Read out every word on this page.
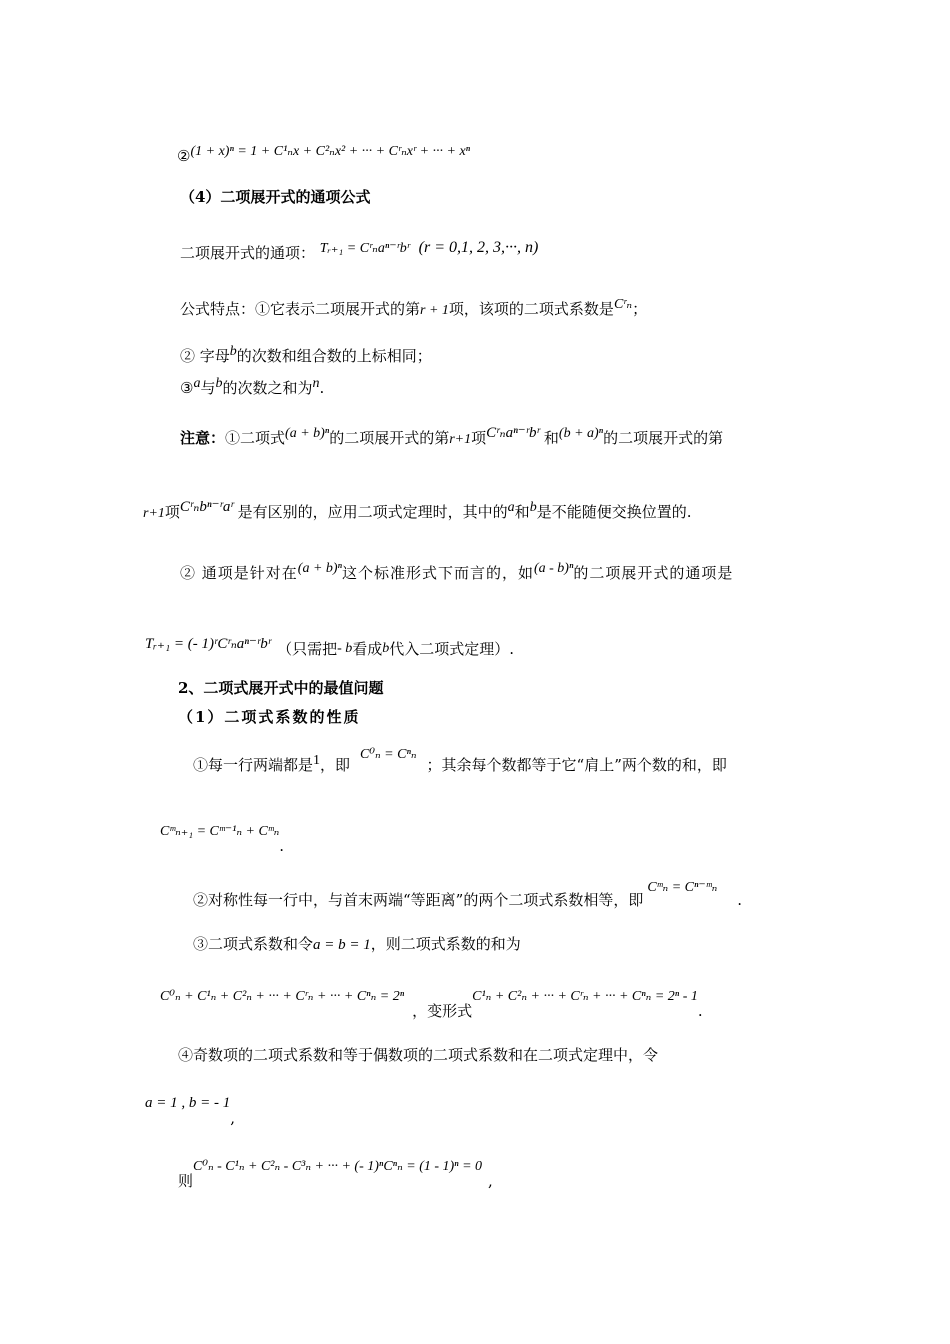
②(1 + x)ⁿ = 1 + C¹ₙx + C²ₙx² + ··· + Cʳₙxʳ + ··· + xⁿ
（4）二项展开式的通项公式
二项展开式的通项： Tᵣ₊₁ = Cʳₙaⁿ⁻ʳbʳ (r = 0,1, 2, 3,···, n)
公式特点：①它表示二项展开式的第r + 1项，该项的二项式系数是Cʳₙ；
② 字母b的次数和组合数的上标相同；
③a与b的次数之和为n.
注意：①二项式(a + b)ⁿ的二项展开式的第r+1项Cʳₙaⁿ⁻ʳbʳ 和(b + a)ⁿ的二项展开式的第
r+1项Cʳₙbⁿ⁻ʳaʳ 是有区别的，应用二项式定理时，其中的a和b是不能随便交换位置的.
② 通项是针对在(a + b)ⁿ这个标准形式下而言的，如(a - b)ⁿ的二项展开式的通项是
Tᵣ₊₁ = (- 1)ʳCʳₙaⁿ⁻ʳbʳ （只需把- b看成b代入二项式定理）.
2、二项式展开式中的最值问题
（1）二项式系数的性质
①每一行两端都是1，即C⁰ₙ = Cⁿₙ；其余每个数都等于它“肩上”两个数的和，即
Cᵐₙ₊₁ = Cᵐ⁻¹ₙ + Cᵐₙ.
②对称性每一行中，与首末两端“等距离”的两个二项式系数相等，即Cᵐₙ = Cⁿ⁻ᵐₙ.
③二项式系数和令a = b = 1，则二项式系数的和为
C⁰ₙ + C¹ₙ + C²ₙ + ··· + Cʳₙ + ··· + Cⁿₙ = 2ⁿ，变形式C¹ₙ + C²ₙ + ··· + Cʳₙ + ··· + Cⁿₙ = 2ⁿ - 1.
④奇数项的二项式系数和等于偶数项的二项式系数和在二项式定理中，令
a = 1 , b = - 1,
则C⁰ₙ - C¹ₙ + C²ₙ - C³ₙ + ··· + (- 1)ⁿCⁿₙ = (1 - 1)ⁿ = 0,
